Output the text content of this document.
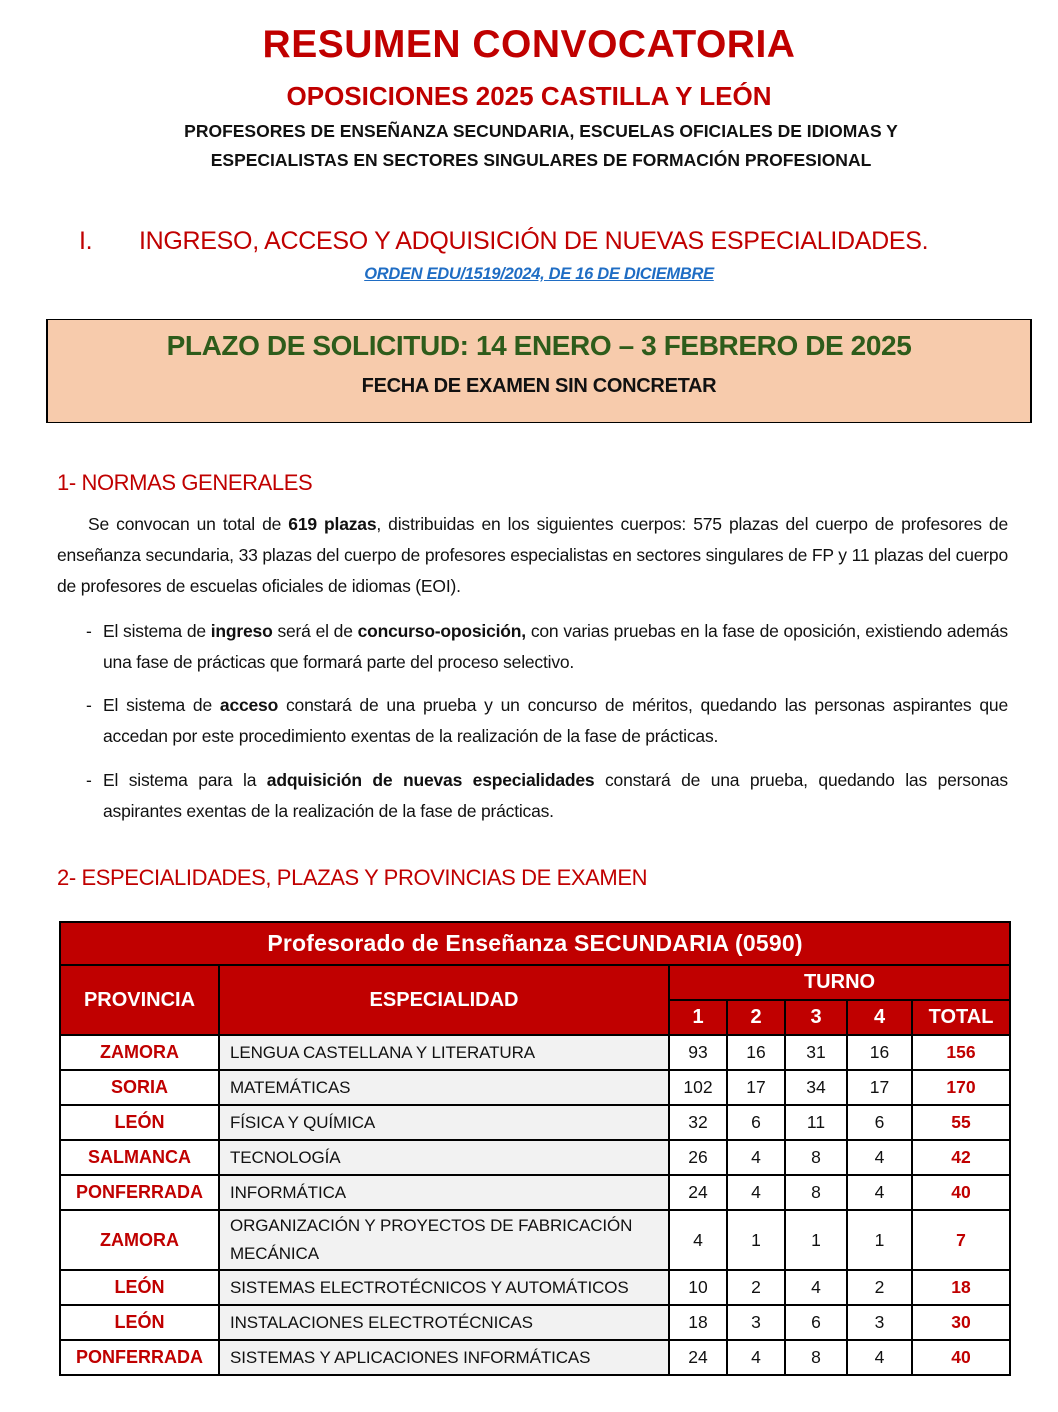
RESUMEN CONVOCATORIA
OPOSICIONES 2025 CASTILLA Y LEÓN
PROFESORES DE ENSEÑANZA SECUNDARIA, ESCUELAS OFICIALES DE IDIOMAS Y
ESPECIALISTAS EN SECTORES SINGULARES DE FORMACIÓN PROFESIONAL
I. INGRESO, ACCESO Y ADQUISICIÓN DE NUEVAS ESPECIALIDADES.
ORDEN EDU/1519/2024, DE 16 DE DICIEMBRE
PLAZO DE SOLICITUD: 14 ENERO – 3 FEBRERO DE 2025
FECHA DE EXAMEN SIN CONCRETAR
1- NORMAS GENERALES
Se convocan un total de 619 plazas, distribuidas en los siguientes cuerpos: 575 plazas del cuerpo de profesores de enseñanza secundaria, 33 plazas del cuerpo de profesores especialistas en sectores singulares de FP y 11 plazas del cuerpo de profesores de escuelas oficiales de idiomas (EOI).
- El sistema de ingreso será el de concurso-oposición, con varias pruebas en la fase de oposición, existiendo además una fase de prácticas que formará parte del proceso selectivo.
- El sistema de acceso constará de una prueba y un concurso de méritos, quedando las personas aspirantes que accedan por este procedimiento exentas de la realización de la fase de prácticas.
- El sistema para la adquisición de nuevas especialidades constará de una prueba, quedando las personas aspirantes exentas de la realización de la fase de prácticas.
2- ESPECIALIDADES, PLAZAS Y PROVINCIAS DE EXAMEN
Profesorado de Enseñanza SECUNDARIA (0590)						
PROVINCIA	ESPECIALIDAD	TURNO				
		1	2	3	4	TOTAL
ZAMORA	LENGUA CASTELLANA Y LITERATURA	93	16	31	16	156
SORIA	MATEMÁTICAS	102	17	34	17	170
LEÓN	FÍSICA Y QUÍMICA	32	6	11	6	55
SALMANCA	TECNOLOGÍA	26	4	8	4	42
PONFERRADA	INFORMÁTICA	24	4	8	4	40
ZAMORA	ORGANIZACIÓN Y PROYECTOS DE FABRICACIÓN MECÁNICA	4	1	1	1	7
LEÓN	SISTEMAS ELECTROTÉCNICOS Y AUTOMÁTICOS	10	2	4	2	18
LEÓN	INSTALACIONES ELECTROTÉCNICAS	18	3	6	3	30
PONFERRADA	SISTEMAS Y APLICACIONES INFORMÁTICAS	24	4	8	4	40
